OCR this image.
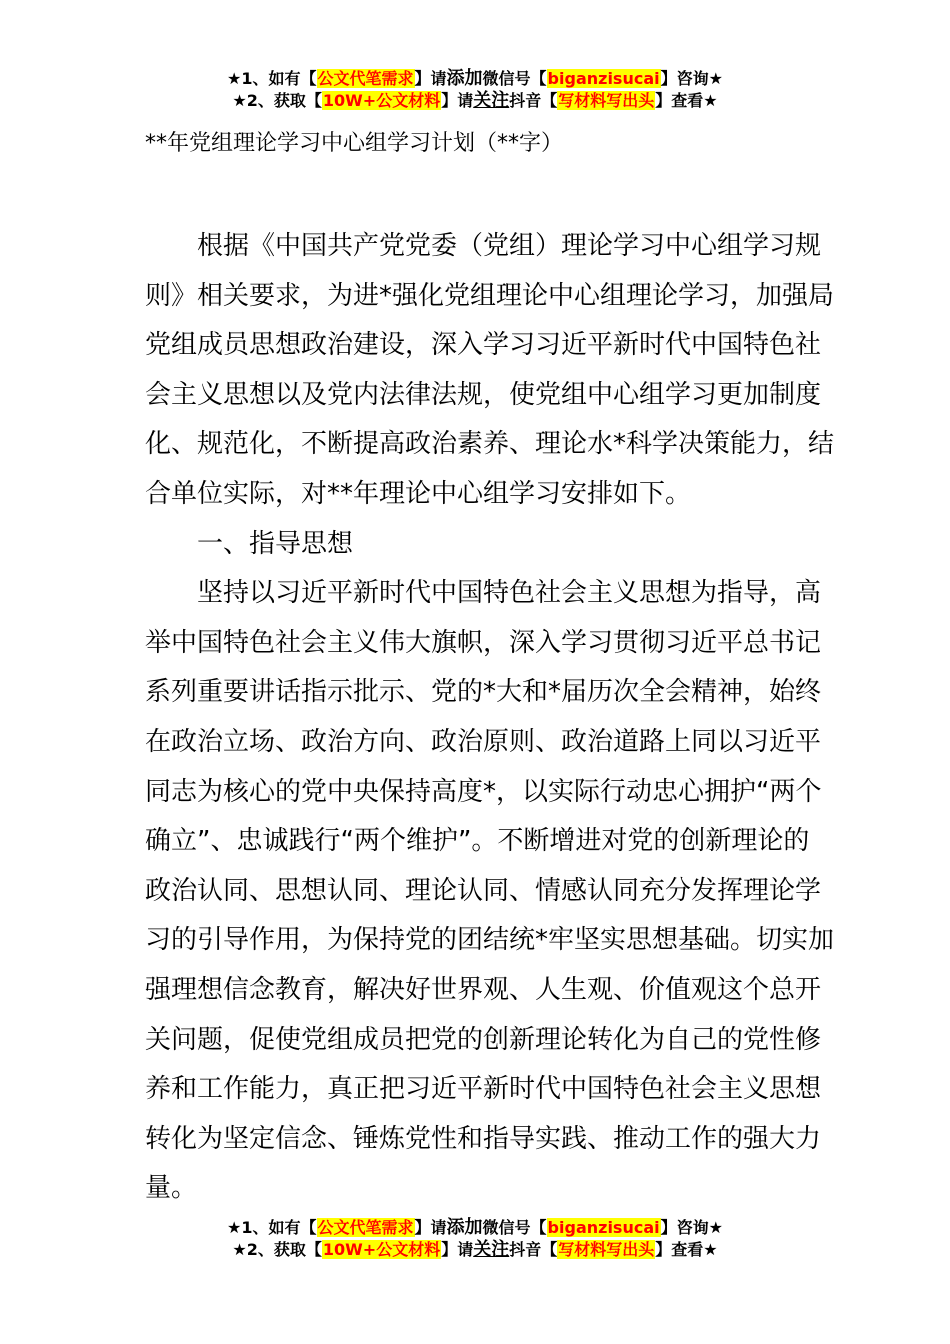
★1、如有【公文代笔需求】请添加微信号【biganzisucai】咨询★
★2、获取【10W+公文材料】请关注抖音【写材料写出头】查看★
**年党组理论学习中心组学习计划（**字）

根据《中国共产党党委（党组）理论学习中心组学习规则》相关要求，为进*强化党组理论中心组理论学习，加强局党组成员思想政治建设，深入学习习近平新时代中国特色社会主义思想以及党内法律法规，使党组中心组学习更加制度化、规范化，不断提高政治素养、理论水*科学决策能力，结合单位实际，对**年理论中心组学习安排如下。

一、指导思想

坚持以习近平新时代中国特色社会主义思想为指导，高举中国特色社会主义伟大旗帜，深入学习贯彻习近平总书记系列重要讲话指示批示、党的*大和*届历次全会精神，始终在政治立场、政治方向、政治原则、政治道路上同以习近平同志为核心的党中央保持高度*，以实际行动忠心拥护“两个确立”、忠诚践行“两个维护”。不断增进对党的创新理论的政治认同、思想认同、理论认同、情感认同充分发挥理论学习的引导作用，为保持党的团结统*牢坚实思想基础。切实加强理想信念教育，解决好世界观、人生观、价值观这个总开关问题，促使党组成员把党的创新理论转化为自己的党性修养和工作能力，真正把习近平新时代中国特色社会主义思想转化为坚定信念、锤炼党性和指导实践、推动工作的强大力量。

★1、如有【公文代笔需求】请添加微信号【biganzisucai】咨询★
★2、获取【10W+公文材料】请关注抖音【写材料写出头】查看★
